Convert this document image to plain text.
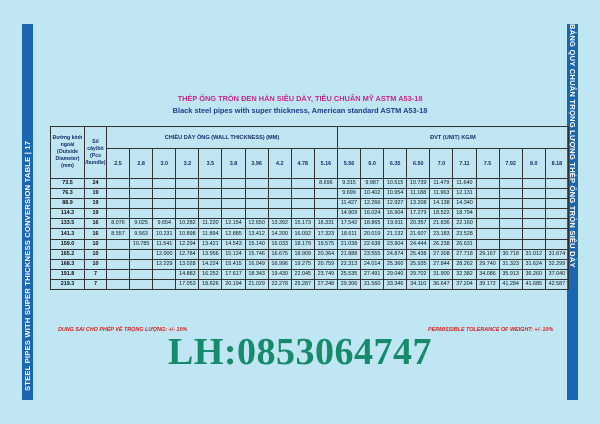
STEEL PIPES WITH SUPER THICKNESS CONVERSION TABLE | 17	BẢNG QUY CHUẨN TRỌNG LƯỢNG THÉP ỐNG TRÒN SIÊU DÀY
THÉP ỐNG TRÒN ĐEN HÀN SIÊU DÀY, TIÊU CHUẨN MỸ ASTM A53-18
Black steel pipes with super thickness, American standard ASTM A53-18
Đường kính ngoài (Outside Diameter) (mm)	Số cây/bó (Pcs /bundle)	CHIỀU DÀY ỐNG (WALL THICKNESS) (MM)										ĐVT (UNIT) KG/M									
		2.5	2.8	3.0	3.2	3.5	3.8	3.96	4.2	4.78	5.16	5.56	6.0	6.35	6.50	7.0	7.11	7.5	7.92	8.0	8.18
73.5	24										8.696	9.315	9.987	10.515	10.739	11.479	11.640				
76.3	19											9.699	10.402	10.954	11.188	11.963	12.131				
88.9	19											11.427	12.266	12.927	13.208	14.138	14.340				
114.3	19											14.909	16.024	16.904	17.279	18.522	18.794				
133.5	16	8.076	9.025	9.654	10.282	11.220	12.154	12.650	13.392	15.173	16.331	17.542	18.865	19.911	20.357	21.836	22.160				
141.3	16	8.557	9.563	10.231	10.898	11.894	12.885	13.412	14.200	16.092	17.323	18.611	20.019	21.132	21.607	23.183	23.528				
159.0	10		10.785	11.541	12.294	13.421	14.543	15.140	16.033	18.179	19.575	21.038	22.638	23.904	24.444	26.238	26.631				
165.2	10			12.000	12.784	13.956	15.124	15.746	16.675	18.909	20.364	21.888	23.555	24.874	25.438	27.308	27.718	29.167	30.718	31.012	31.674
168.3	10			12.229	13.028	14.224	15.415	16.049	16.996	19.275	20.759	22.313	24.014	25.360	25.935	27.844	28.262	29.740	31.323	31.624	32.299
191.8	7				14.883	16.252	17.617	18.343	19.430	22.045	23.749	25.535	27.491	29.040	29.702	31.900	32.382	34.086	35.913	36.260	37.040
219.3	7				17.053	18.626	20.194	21.029	22.278	25.287	27.248	29.306	31.560	33.346	34.110	36.647	37.204	39.172	41.284	41.685	42.587
DUNG SAI CHO PHÉP VỀ TRỌNG LƯỢNG: +/- 10%	PERMISSIBLE TOLERANCE OF WEIGHT: +/- 10%
LH:0853064747
